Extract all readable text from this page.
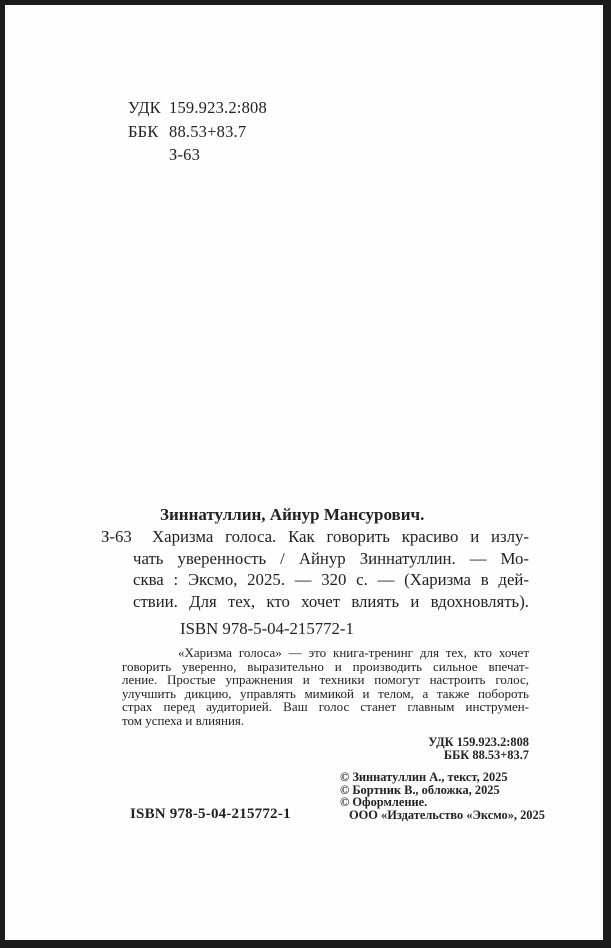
УДК 159.923.2:808
ББК 88.53+83.7
З-63
Зиннатуллин, Айнур Мансурович.
З-63	Харизма голоса. Как говорить красиво и излу-
чать уверенность / Айнур Зиннатуллин. — Мо-
сква : Эксмо, 2025. — 320 с. — (Харизма в дей-
ствии. Для тех, кто хочет влиять и вдохновлять).
ISBN 978-5-04-215772-1
«Харизма голоса» — это книга-тренинг для тех, кто хочет
говорить уверенно, выразительно и производить сильное впечат-
ление. Простые упражнения и техники помогут настроить голос,
улучшить дикцию, управлять мимикой и телом, а также побороть
страх перед аудиторией. Ваш голос станет главным инструмен-
том успеха и влияния.
УДК 159.923.2:808
ББК 88.53+83.7
© Зиннатуллин А., текст, 2025
© Бортник В., обложка, 2025
© Оформление.
ООО «Издательство «Эксмо», 2025
ISBN 978-5-04-215772-1
